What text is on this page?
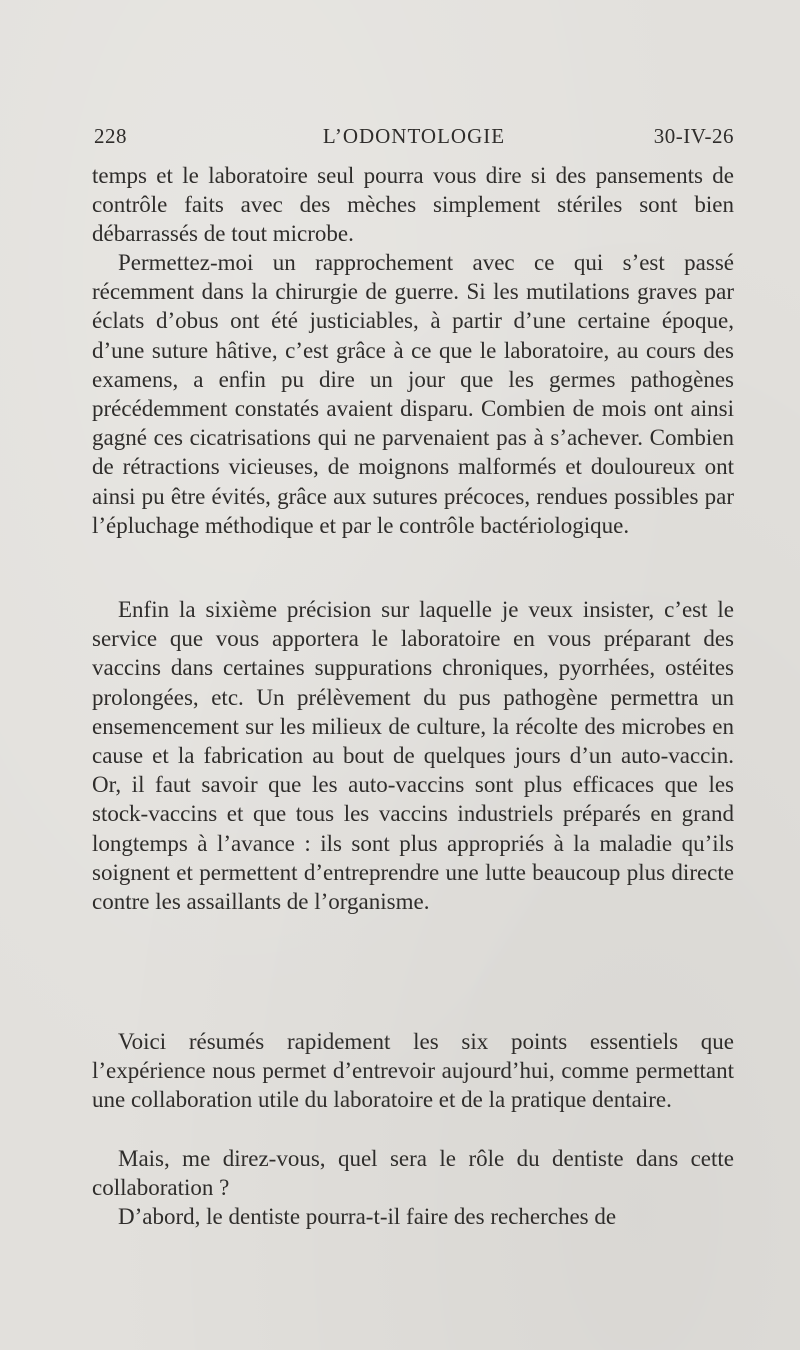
228	L’ODONTOLOGIE	30-IV-26

temps et le laboratoire seul pourra vous dire si des pansements de contrôle faits avec des mèches simplement stériles sont bien débarrassés de tout microbe.

Permettez-moi un rapprochement avec ce qui s’est passé récemment dans la chirurgie de guerre. Si les mutilations graves par éclats d’obus ont été justiciables, à partir d’une certaine époque, d’une suture hâtive, c’est grâce à ce que le laboratoire, au cours des examens, a enfin pu dire un jour que les germes pathogènes précédemment constatés avaient disparu. Combien de mois ont ainsi gagné ces cicatrisations qui ne parvenaient pas à s’achever. Combien de rétractions vicieuses, de moignons malformés et douloureux ont ainsi pu être évités, grâce aux sutures précoces, rendues possibles par l’épluchage méthodique et par le contrôle bactériologique.

Enfin la sixième précision sur laquelle je veux insister, c’est le service que vous apportera le laboratoire en vous préparant des vaccins dans certaines suppurations chroniques, pyorrhées, ostéites prolongées, etc. Un prélèvement du pus pathogène permettra un ensemencement sur les milieux de culture, la récolte des microbes en cause et la fabrication au bout de quelques jours d’un auto-vaccin. Or, il faut savoir que les auto-vaccins sont plus efficaces que les stock-vaccins et que tous les vaccins industriels préparés en grand longtemps à l’avance : ils sont plus appropriés à la maladie qu’ils soignent et permettent d’entreprendre une lutte beaucoup plus directe contre les assaillants de l’organisme.

Voici résumés rapidement les six points essentiels que l’expérience nous permet d’entrevoir aujourd’hui, comme permettant une collaboration utile du laboratoire et de la pratique dentaire.

Mais, me direz-vous, quel sera le rôle du dentiste dans cette collaboration ?

D’abord, le dentiste pourra-t-il faire des recherches de
